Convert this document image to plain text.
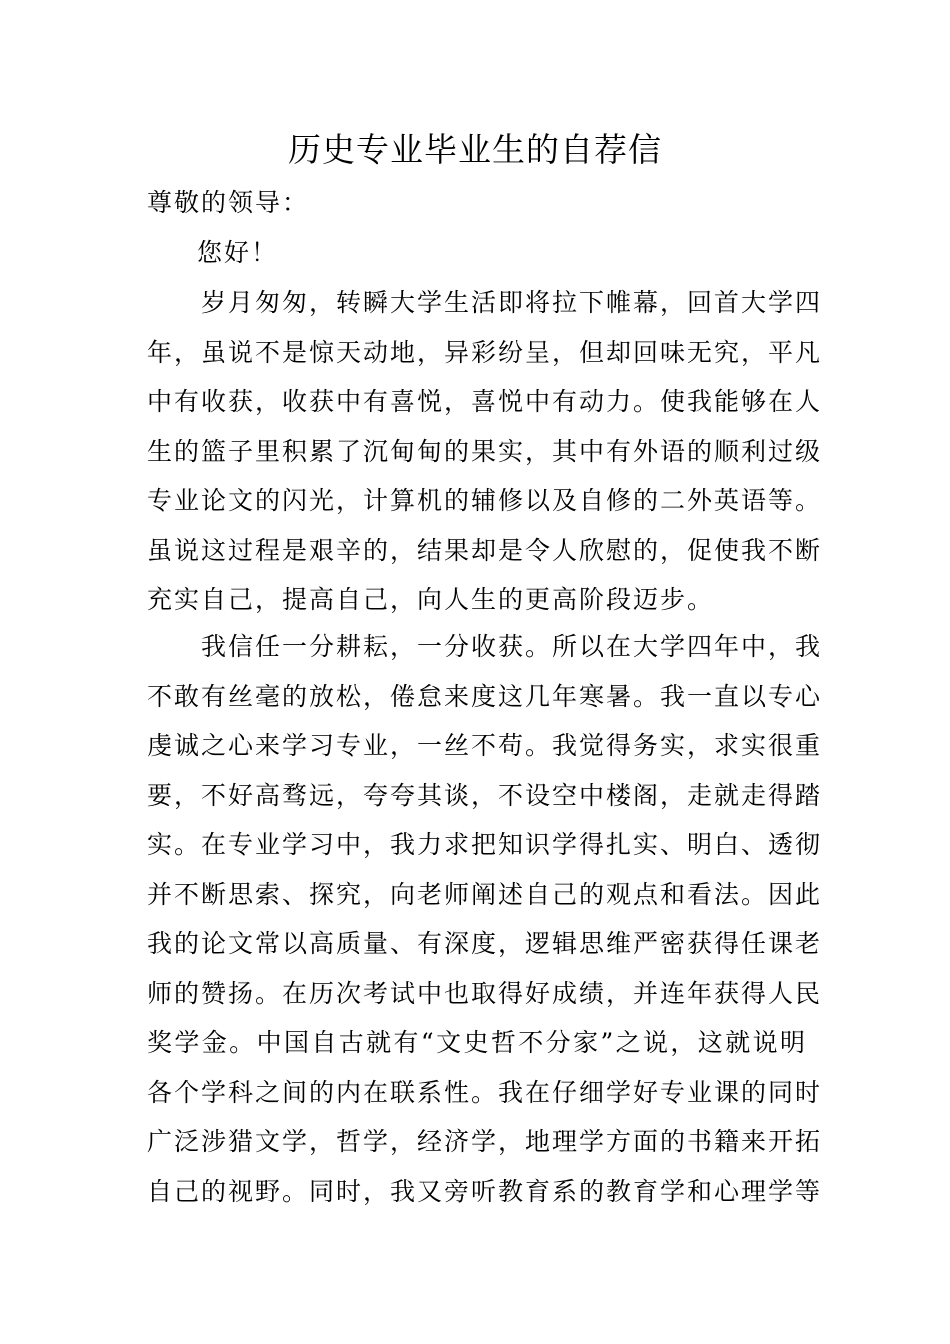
历史专业毕业生的自荐信

尊敬的领导：

您好！

岁月匆匆，转瞬大学生活即将拉下帷幕，回首大学四
年，虽说不是惊天动地，异彩纷呈，但却回味无究，平凡
中有收获，收获中有喜悦，喜悦中有动力。使我能够在人
生的篮子里积累了沉甸甸的果实，其中有外语的顺利过级
专业论文的闪光，计算机的辅修以及自修的二外英语等。
虽说这过程是艰辛的，结果却是令人欣慰的，促使我不断
充实自己，提高自己，向人生的更高阶段迈步。
我信任一分耕耘，一分收获。所以在大学四年中，我
不敢有丝毫的放松，倦怠来度这几年寒暑。我一直以专心
虔诚之心来学习专业，一丝不苟。我觉得务实，求实很重
要，不好高骛远，夸夸其谈，不设空中楼阁，走就走得踏
实。在专业学习中，我力求把知识学得扎实、明白、透彻
并不断思索、探究，向老师阐述自己的观点和看法。因此
我的论文常以高质量、有深度，逻辑思维严密获得任课老
师的赞扬。在历次考试中也取得好成绩，并连年获得人民
奖学金。中国自古就有“文史哲不分家”之说，这就说明
各个学科之间的内在联系性。我在仔细学好专业课的同时
广泛涉猎文学，哲学，经济学，地理学方面的书籍来开拓
自己的视野。同时，我又旁听教育系的教育学和心理学等
